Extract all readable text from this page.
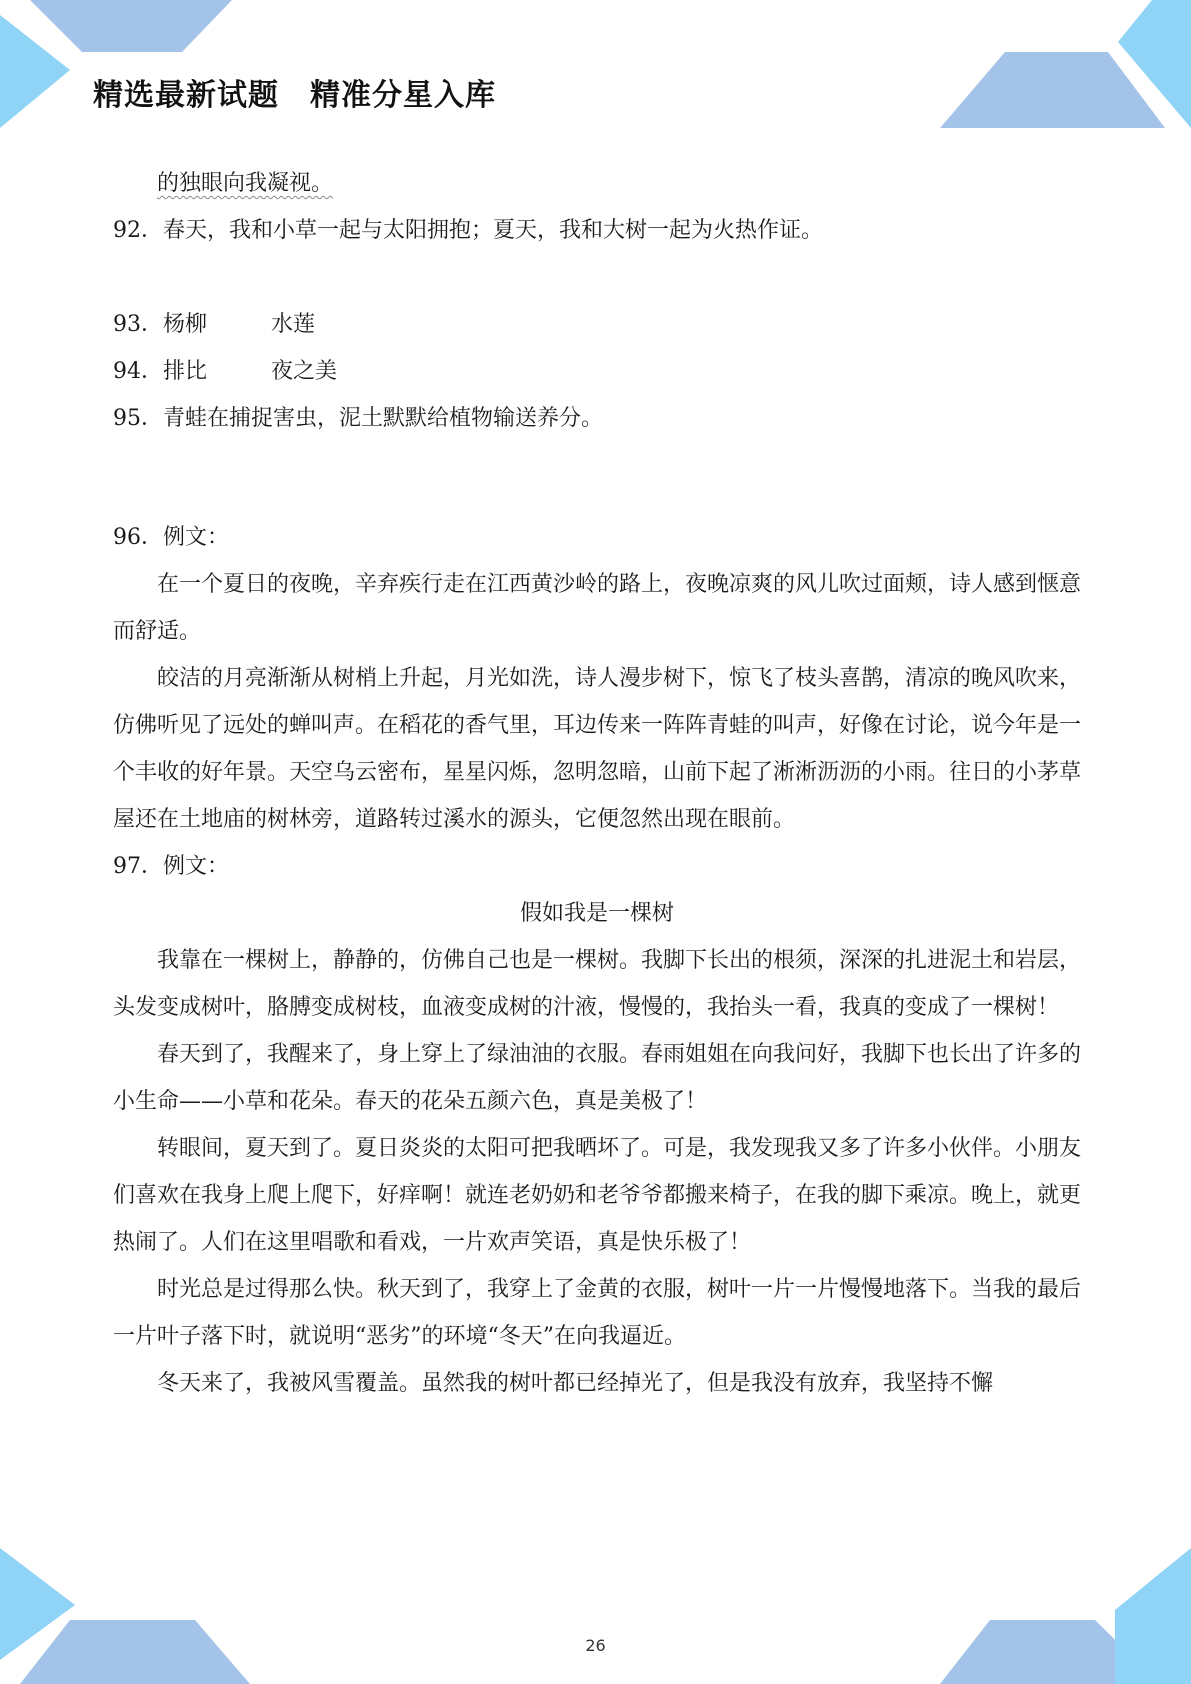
精选最新试题　精准分星入库
的独眼向我凝视。
92．春天，我和小草一起与太阳拥抱；夏天，我和大树一起为火热作证。
93．杨柳	水莲
94．排比	夜之美
95．青蛙在捕捉害虫，泥土默默给植物输送养分。
96．例文：
在一个夏日的夜晚，辛弃疾行走在江西黄沙岭的路上，夜晚凉爽的风儿吹过面颊，诗人感到惬意而舒适。
皎洁的月亮渐渐从树梢上升起，月光如洗，诗人漫步树下，惊飞了枝头喜鹊，清凉的晚风吹来，仿佛听见了远处的蝉叫声。在稻花的香气里，耳边传来一阵阵青蛙的叫声，好像在讨论，说今年是一个丰收的好年景。天空乌云密布，星星闪烁，忽明忽暗，山前下起了淅淅沥沥的小雨。往日的小茅草屋还在土地庙的树林旁，道路转过溪水的源头，它便忽然出现在眼前。
97．例文：
假如我是一棵树
我靠在一棵树上，静静的，仿佛自己也是一棵树。我脚下长出的根须，深深的扎进泥土和岩层，头发变成树叶，胳膊变成树枝，血液变成树的汁液，慢慢的，我抬头一看，我真的变成了一棵树！
春天到了，我醒来了，身上穿上了绿油油的衣服。春雨姐姐在向我问好，我脚下也长出了许多的小生命——小草和花朵。春天的花朵五颜六色，真是美极了！
转眼间，夏天到了。夏日炎炎的太阳可把我晒坏了。可是，我发现我又多了许多小伙伴。小朋友们喜欢在我身上爬上爬下，好痒啊！就连老奶奶和老爷爷都搬来椅子，在我的脚下乘凉。晚上，就更热闹了。人们在这里唱歌和看戏，一片欢声笑语，真是快乐极了！
时光总是过得那么快。秋天到了，我穿上了金黄的衣服，树叶一片一片慢慢地落下。当我的最后一片叶子落下时，就说明“恶劣”的环境“冬天”在向我逼近。
冬天来了，我被风雪覆盖。虽然我的树叶都已经掉光了，但是我没有放弃，我坚持不懈
26
